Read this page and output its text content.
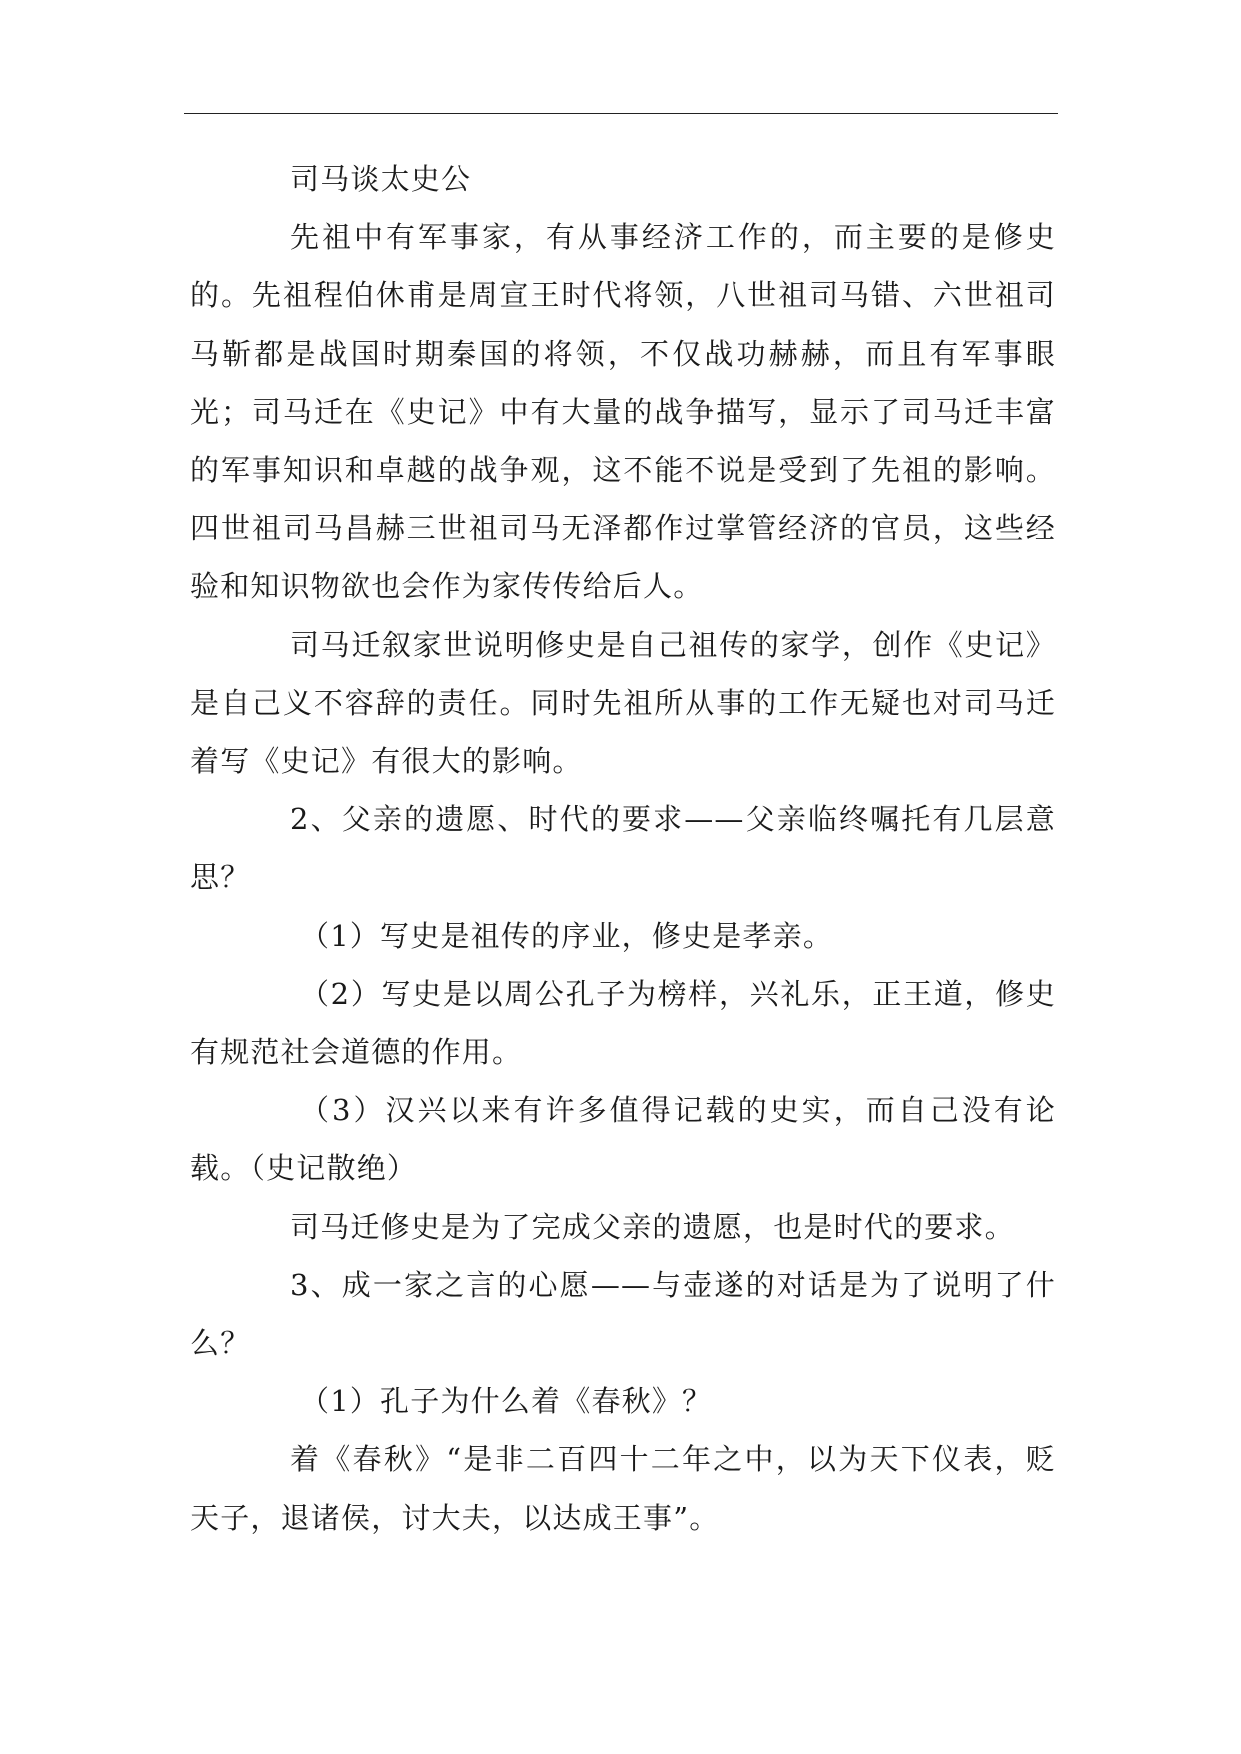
司马谈太史公

先祖中有军事家，有从事经济工作的，而主要的是修史的。先祖程伯休甫是周宣王时代将领，八世祖司马错、六世祖司马靳都是战国时期秦国的将领，不仅战功赫赫，而且有军事眼光；司马迁在《史记》中有大量的战争描写，显示了司马迁丰富的军事知识和卓越的战争观，这不能不说是受到了先祖的影响。四世祖司马昌赫三世祖司马无泽都作过掌管经济的官员，这些经验和知识物欲也会作为家传传给后人。

司马迁叙家世说明修史是自己祖传的家学，创作《史记》是自己义不容辞的责任。同时先祖所从事的工作无疑也对司马迁着写《史记》有很大的影响。

2、父亲的遗愿、时代的要求——父亲临终嘱托有几层意思？

（1）写史是祖传的序业，修史是孝亲。

（2）写史是以周公孔子为榜样，兴礼乐，正王道，修史有规范社会道德的作用。

（3）汉兴以来有许多值得记载的史实，而自己没有论载。（史记散绝）

司马迁修史是为了完成父亲的遗愿，也是时代的要求。

3、成一家之言的心愿——与壶遂的对话是为了说明了什么？

（1）孔子为什么着《春秋》？

着《春秋》“是非二百四十二年之中，以为天下仪表，贬天子，退诸侯，讨大夫，以达成王事”。
